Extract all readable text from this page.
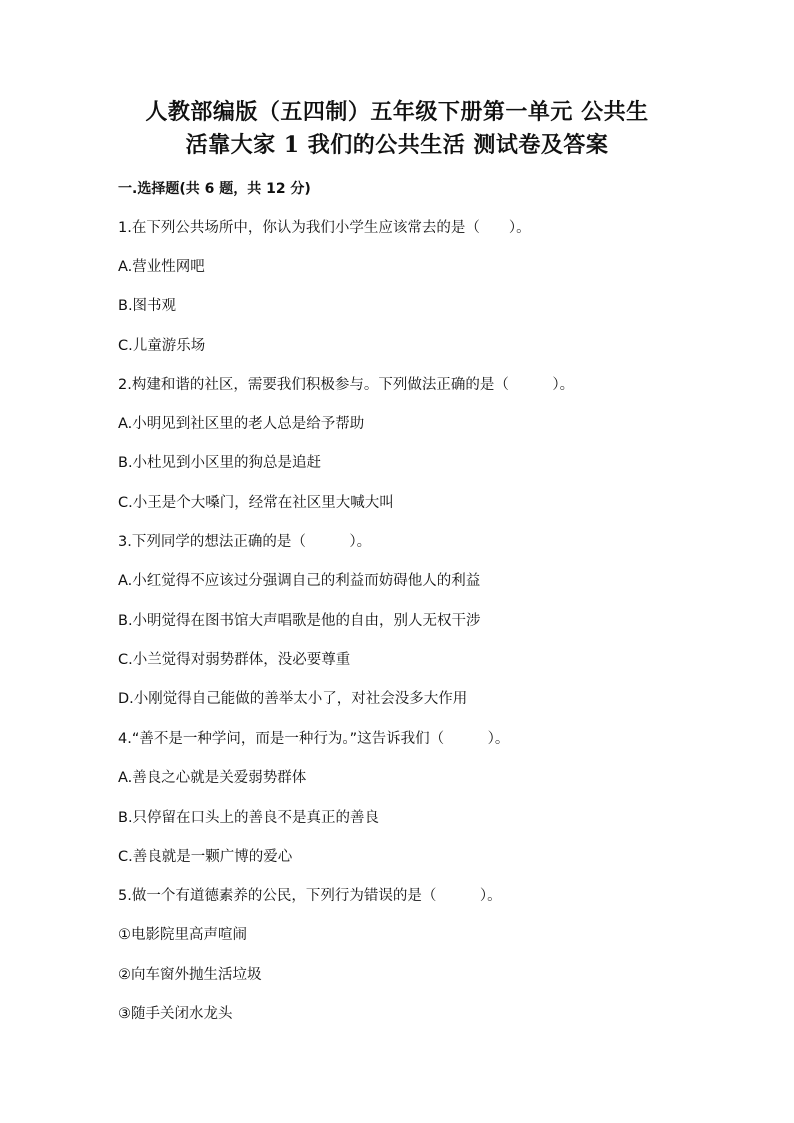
人教部编版（五四制）五年级下册第一单元 公共生
活靠大家 1 我们的公共生活 测试卷及答案
一.选择题(共 6 题，共 12 分)
1.在下列公共场所中，你认为我们小学生应该常去的是（　　）。
A.营业性网吧
B.图书观
C.儿童游乐场
2.构建和谐的社区，需要我们积极参与。下列做法正确的是（　　　）。
A.小明见到社区里的老人总是给予帮助
B.小杜见到小区里的狗总是追赶
C.小王是个大嗓门，经常在社区里大喊大叫
3.下列同学的想法正确的是（　　　）。
A.小红觉得不应该过分强调自己的利益而妨碍他人的利益
B.小明觉得在图书馆大声唱歌是他的自由，别人无权干涉
C.小兰觉得对弱势群体，没必要尊重
D.小刚觉得自己能做的善举太小了，对社会没多大作用
4.“善不是一种学问，而是一种行为。”这告诉我们（　　　）。
A.善良之心就是关爱弱势群体
B.只停留在口头上的善良不是真正的善良
C.善良就是一颗广博的爱心
5.做一个有道德素养的公民，下列行为错误的是（　　　）。
①电影院里高声喧闹
②向车窗外抛生活垃圾
③随手关闭水龙头
